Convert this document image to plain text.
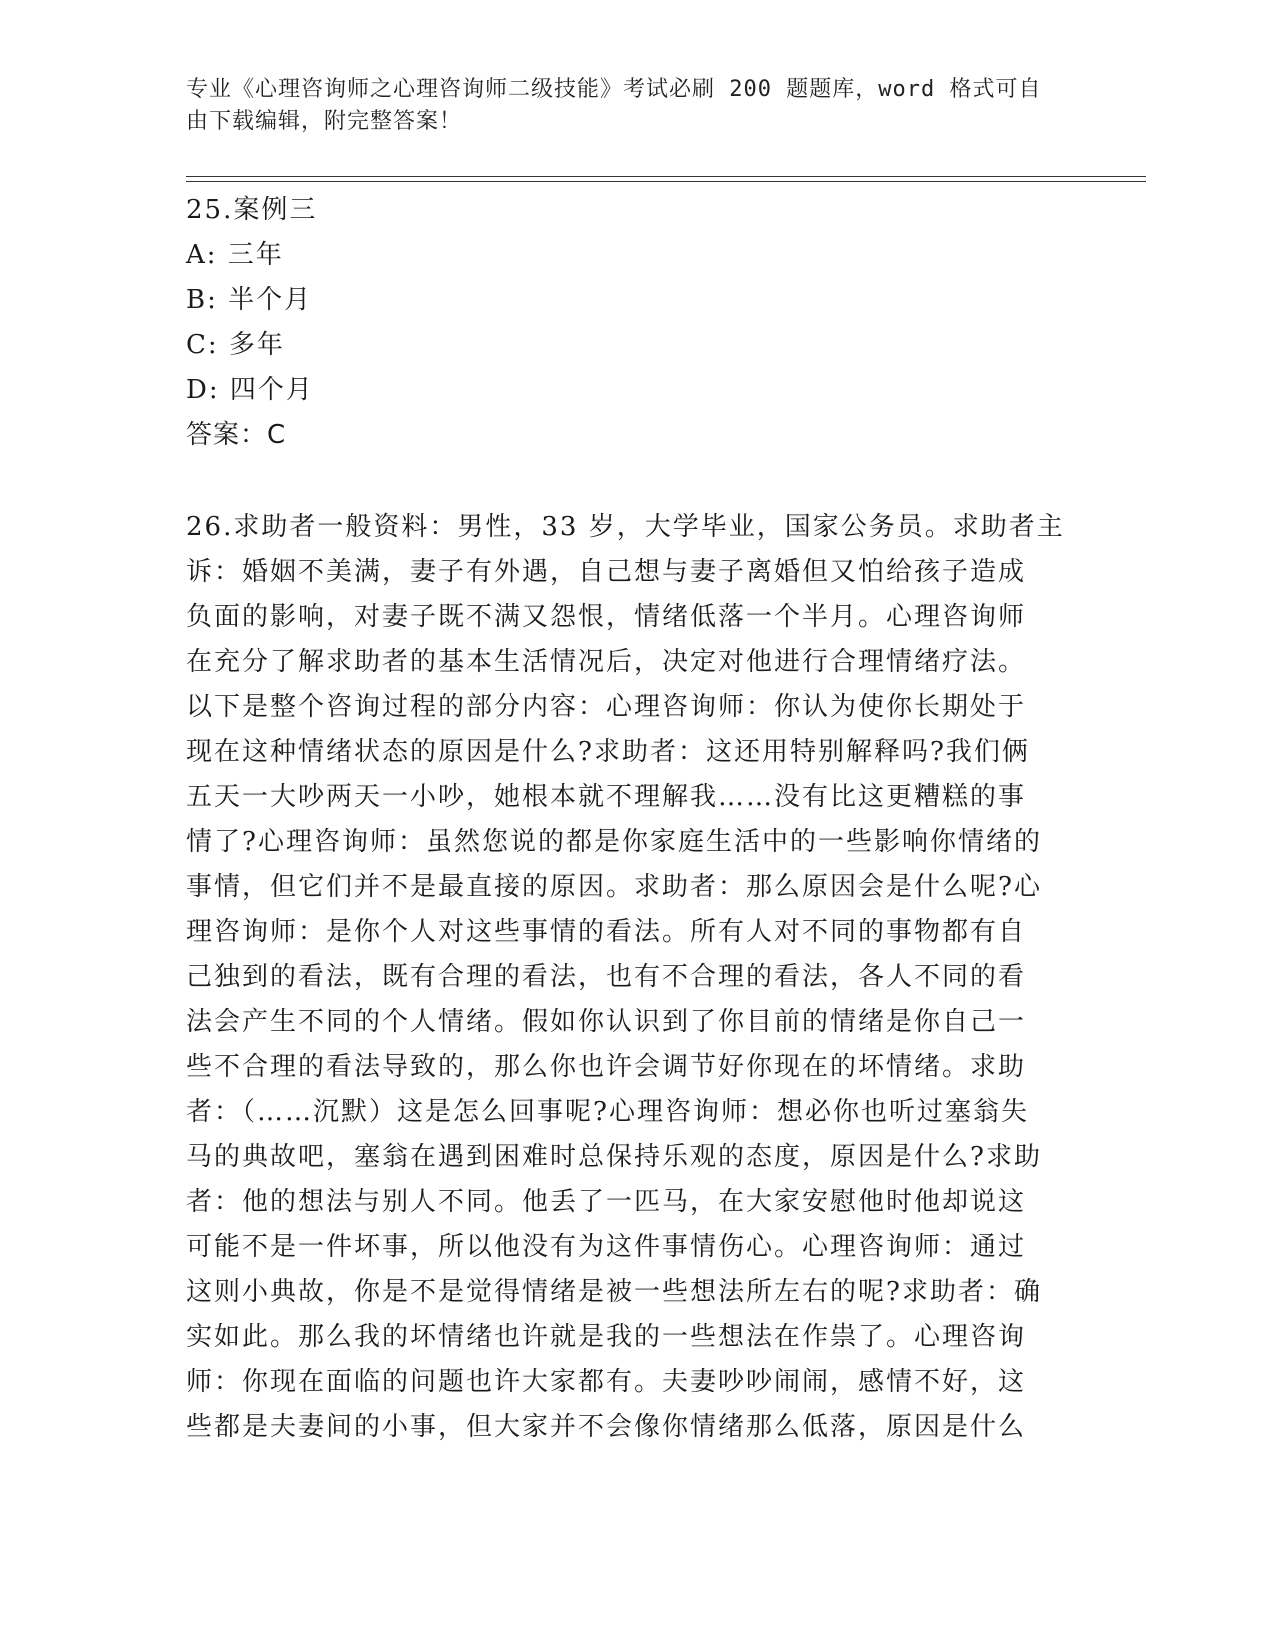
专业《心理咨询师之心理咨询师二级技能》考试必刷 200 题题库，word 格式可自
由下载编辑，附完整答案！
25.案例三
A: 三年
B: 半个月
C: 多年
D: 四个月
答案：C
26.求助者一般资料：男性，33 岁，大学毕业，国家公务员。求助者主
诉：婚姻不美满，妻子有外遇，自己想与妻子离婚但又怕给孩子造成
负面的影响，对妻子既不满又怨恨，情绪低落一个半月。心理咨询师
在充分了解求助者的基本生活情况后，决定对他进行合理情绪疗法。
以下是整个咨询过程的部分内容：心理咨询师：你认为使你长期处于
现在这种情绪状态的原因是什么?求助者：这还用特别解释吗?我们俩
五天一大吵两天一小吵，她根本就不理解我……没有比这更糟糕的事
情了?心理咨询师：虽然您说的都是你家庭生活中的一些影响你情绪的
事情，但它们并不是最直接的原因。求助者：那么原因会是什么呢?心
理咨询师：是你个人对这些事情的看法。所有人对不同的事物都有自
己独到的看法，既有合理的看法，也有不合理的看法，各人不同的看
法会产生不同的个人情绪。假如你认识到了你目前的情绪是你自己一
些不合理的看法导致的，那么你也许会调节好你现在的坏情绪。求助
者：（……沉默）这是怎么回事呢?心理咨询师：想必你也听过塞翁失
马的典故吧，塞翁在遇到困难时总保持乐观的态度，原因是什么?求助
者：他的想法与别人不同。他丢了一匹马，在大家安慰他时他却说这
可能不是一件坏事，所以他没有为这件事情伤心。心理咨询师：通过
这则小典故，你是不是觉得情绪是被一些想法所左右的呢?求助者：确
实如此。那么我的坏情绪也许就是我的一些想法在作祟了。心理咨询
师：你现在面临的问题也许大家都有。夫妻吵吵闹闹，感情不好，这
些都是夫妻间的小事，但大家并不会像你情绪那么低落，原因是什么
